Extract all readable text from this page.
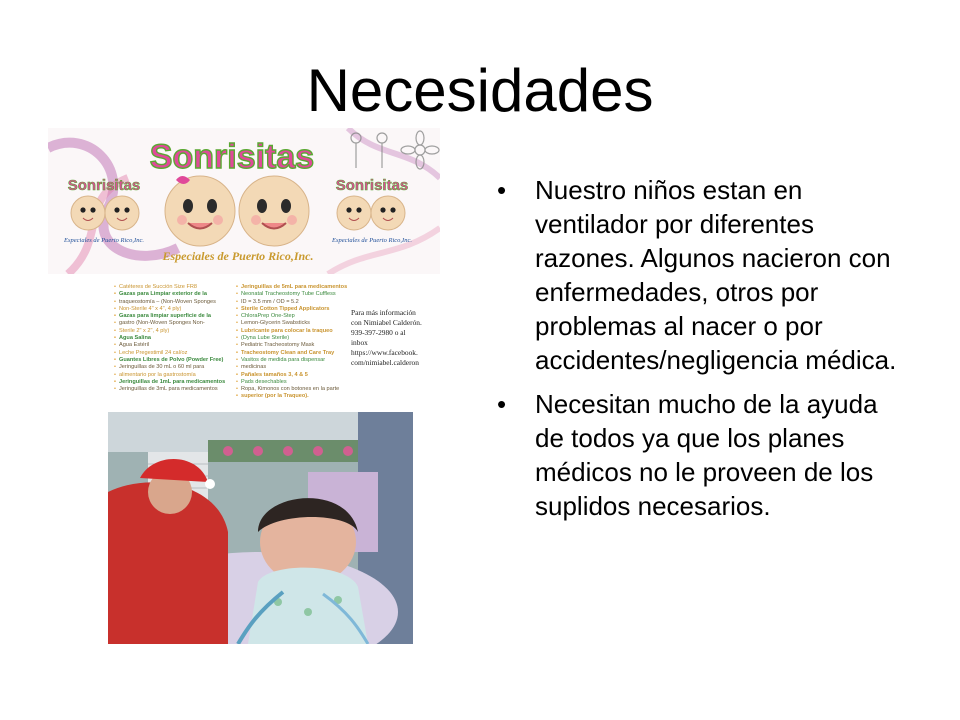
Necesidades
Sonrisitas
Sonrisitas	Sonrisitas
Especiales de Puerto Rico,Inc.
Especiales de Puerto Rico,Inc.	Especiales de Puerto Rico,Inc.
• Catéteres de Succión Size FR8
• Gazas para Limpiar exterior de la
• traqueostomía – (Non-Woven Sponges
• Non-Sterile 4" x 4", 4 ply)
• Gazas para limpiar superficie de la
• gastro (Non-Woven Sponges Non-
• Sterile 2" x 2", 4 ply)
• Agua Salina
• Agua Estéril
• Leche Pregestimil 24 cal/oz
• Guantes Libres de Polvo (Powder Free)
• Jeringuillas de 30 mL o 60 ml para
• alimentario por la gastrostomía
• Jeringuillas de 1mL para medicamentos
• Jeringuillas de 3mL para medicamentos
• Jeringuillas de 5mL para medicamentos
• Neonatal Tracheostomy Tube Cuffless
• ID = 3.5 mm / OD = 5.2
• Sterile Cotton Tipped Applicators
• ChloraPrep One-Step
• Lemon-Glycerin Swabsticks
• Lubricante para colocar la traqueo
• (Dyna Lube Sterile)
• Pediatric Tracheostomy Mask
• Tracheostomy Clean and Care Tray
• Vasitos de medida para dispensar
• medicinas
• Pañales tamaños 3, 4 & 5
• Pads desechables
• Ropa, Kimonos con botones en la parte
• superior (por la Traqueo).
Para más información
con Nimiabel Calderón.
939-397-2980 o al
inbox
https://www.facebook.
com/nimiabel.calderon
• Nuestro niños estan en ventilador por diferentes razones. Algunos nacieron con enfermedades, otros por problemas al nacer o por accidentes/negligencia médica.
• Necesitan mucho de la ayuda de todos ya que los planes médicos no le proveen de los suplidos necesarios.
